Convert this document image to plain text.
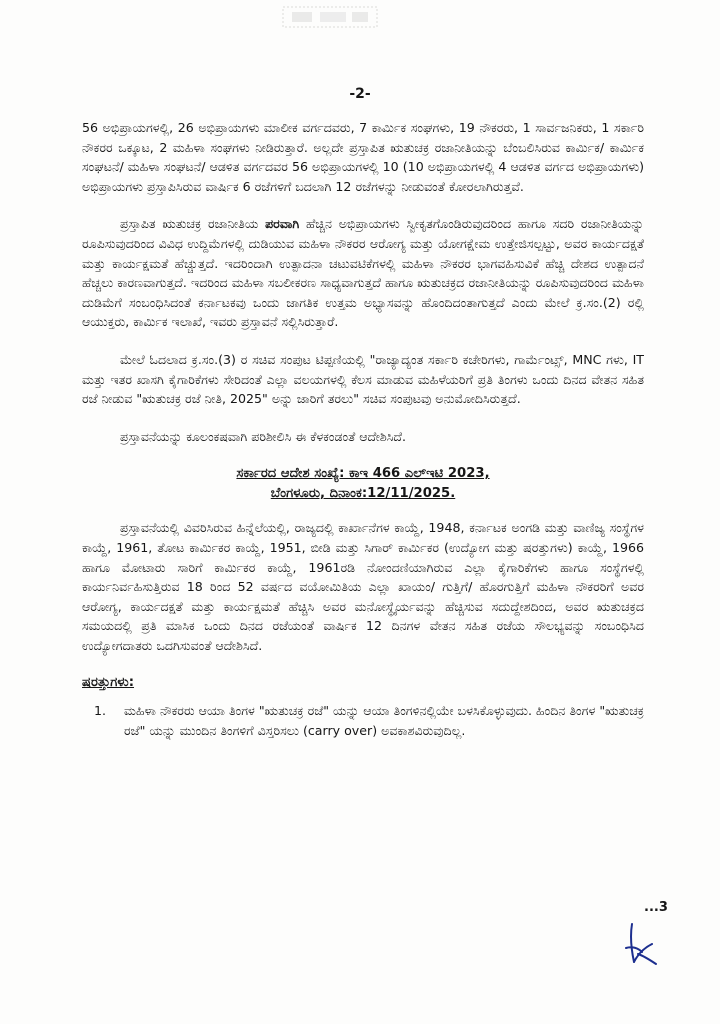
-2-

56 ಅಭಿಪ್ರಾಯಗಳಲ್ಲಿ, 26 ಅಭಿಪ್ರಾಯಗಳು ಮಾಲೀಕ ವರ್ಗದವರು, 7 ಕಾರ್ಮಿಕ ಸಂಘಗಳು, 19 ನೌಕರರು, 1 ಸಾರ್ವಜನಿಕರು, 1 ಸರ್ಕಾರಿ ನೌಕರರ ಒಕ್ಕೂಟ, 2 ಮಹಿಳಾ ಸಂಘಗಳು ನೀಡಿರುತ್ತಾರೆ. ಅಲ್ಲದೇ ಪ್ರಸ್ತಾಪಿತ ಋತುಚಕ್ರ ರಜಾನೀತಿಯನ್ನು ಬೆಂಬಲಿಸಿರುವ ಕಾರ್ಮಿಕ/ ಕಾರ್ಮಿಕ ಸಂಘಟನೆ/ ಮಹಿಳಾ ಸಂಘಟನೆ/ ಆಡಳಿತ ವರ್ಗದವರ 56 ಅಭಿಪ್ರಾಯಗಳಲ್ಲಿ 10 (10 ಅಭಿಪ್ರಾಯಗಳಲ್ಲಿ 4 ಆಡಳಿತ ವರ್ಗದ ಅಭಿಪ್ರಾಯಗಳು) ಅಭಿಪ್ರಾಯಗಳು ಪ್ರಸ್ತಾಪಿಸಿರುವ ವಾರ್ಷಿಕ 6 ರಜೆಗಳಿಗೆ ಬದಲಾಗಿ 12 ರಜೆಗಳನ್ನು ನೀಡುವಂತೆ ಕೋರಲಾಗಿರುತ್ತವೆ.

ಪ್ರಸ್ತಾಪಿತ ಋತುಚಕ್ರ ರಜಾನೀತಿಯ ಪರವಾಗಿ ಹೆಚ್ಚಿನ ಅಭಿಪ್ರಾಯಗಳು ಸ್ವೀಕೃತಗೊಂಡಿರುವುದರಿಂದ ಹಾಗೂ ಸದರಿ ರಜಾನೀತಿಯನ್ನು ರೂಪಿಸುವುದರಿಂದ ವಿವಿಧ ಉದ್ದಿಮೆಗಳಲ್ಲಿ ದುಡಿಯುವ ಮಹಿಳಾ ನೌಕರರ ಆರೋಗ್ಯ ಮತ್ತು ಯೋಗಕ್ಷೇಮ ಉತ್ತೇಜಿಸಲ್ಪಟ್ಟು, ಅವರ ಕಾರ್ಯದಕ್ಷತೆ ಮತ್ತು ಕಾರ್ಯಕ್ಷಮತೆ ಹೆಚ್ಚುತ್ತದೆ. ಇದರಿಂದಾಗಿ ಉತ್ಪಾದನಾ ಚಟುವಟಿಕೆಗಳಲ್ಲಿ ಮಹಿಳಾ ನೌಕರರ ಭಾಗವಹಿಸುವಿಕೆ ಹೆಚ್ಚಿ ದೇಶದ ಉತ್ಪಾದನೆ ಹೆಚ್ಚಲು ಕಾರಣವಾಗುತ್ತದೆ. ಇದರಿಂದ ಮಹಿಳಾ ಸಬಲೀಕರಣ ಸಾಧ್ಯವಾಗುತ್ತದೆ ಹಾಗೂ ಋತುಚಕ್ರದ ರಜಾನೀತಿಯನ್ನು ರೂಪಿಸುವುದರಿಂದ ಮಹಿಳಾ ದುಡಿಮೆಗೆ ಸಂಬಂಧಿಸಿದಂತೆ ಕರ್ನಾಟಕವು ಒಂದು ಜಾಗತಿಕ ಉತ್ತಮ ಅಭ್ಯಾಸವನ್ನು ಹೊಂದಿದಂತಾಗುತ್ತದೆ ಎಂದು ಮೇಲೆ ಕ್ರ.ಸಂ.(2) ರಲ್ಲಿ ಆಯುಕ್ತರು, ಕಾರ್ಮಿಕ ಇಲಾಖೆ, ಇವರು ಪ್ರಸ್ತಾವನೆ ಸಲ್ಲಿಸಿರುತ್ತಾರೆ.

ಮೇಲೆ ಓದಲಾದ ಕ್ರ.ಸಂ.(3) ರ ಸಚಿವ ಸಂಪುಟ ಟಿಪ್ಪಣಿಯಲ್ಲಿ "ರಾಜ್ಯಾದ್ಯಂತ ಸರ್ಕಾರಿ ಕಚೇರಿಗಳು, ಗಾರ್ಮೆಂಟ್ಸ್, MNC ಗಳು, IT ಮತ್ತು ಇತರ ಖಾಸಗಿ ಕೈಗಾರಿಕೆಗಳು ಸೇರಿದಂತೆ ಎಲ್ಲಾ ವಲಯಗಳಲ್ಲಿ ಕೆಲಸ ಮಾಡುವ ಮಹಿಳೆಯರಿಗೆ ಪ್ರತಿ ತಿಂಗಳು ಒಂದು ದಿನದ ವೇತನ ಸಹಿತ ರಜೆ ನೀಡುವ "ಋತುಚಕ್ರ ರಜೆ ನೀತಿ, 2025" ಅನ್ನು ಜಾರಿಗೆ ತರಲು" ಸಚಿವ ಸಂಪುಟವು ಅನುಮೋದಿಸಿರುತ್ತದೆ.

ಪ್ರಸ್ತಾವನೆಯನ್ನು ಕೂಲಂಕಷವಾಗಿ ಪರಿಶೀಲಿಸಿ ಈ ಕೆಳಕಂಡಂತೆ ಆದೇಶಿಸಿದೆ.

ಸರ್ಕಾರದ ಆದೇಶ ಸಂಖ್ಯೆ: ಕಾಇ 466 ಎಲ್‌ಇಟಿ 2023,
ಬೆಂಗಳೂರು, ದಿನಾಂಕ:12/11/2025.

ಪ್ರಸ್ತಾವನೆಯಲ್ಲಿ ವಿವರಿಸಿರುವ ಹಿನ್ನೆಲೆಯಲ್ಲಿ, ರಾಜ್ಯದಲ್ಲಿ ಕಾರ್ಖಾನೆಗಳ ಕಾಯ್ದೆ, 1948, ಕರ್ನಾಟಕ ಅಂಗಡಿ ಮತ್ತು ವಾಣಿಜ್ಯ ಸಂಸ್ಥೆಗಳ ಕಾಯ್ದೆ, 1961, ತೋಟ ಕಾರ್ಮಿಕರ ಕಾಯ್ದೆ, 1951, ಬೀಡಿ ಮತ್ತು ಸಿಗಾರ್ ಕಾರ್ಮಿಕರ (ಉದ್ಯೋಗ ಮತ್ತು ಷರತ್ತುಗಳು) ಕಾಯ್ದೆ, 1966 ಹಾಗೂ ಮೋಟಾರು ಸಾರಿಗೆ ಕಾರ್ಮಿಕರ ಕಾಯ್ದೆ, 1961ರಡಿ ನೋಂದಣಿಯಾಗಿರುವ ಎಲ್ಲಾ ಕೈಗಾರಿಕೆಗಳು ಹಾಗೂ ಸಂಸ್ಥೆಗಳಲ್ಲಿ ಕಾರ್ಯನಿರ್ವಹಿಸುತ್ತಿರುವ 18 ರಿಂದ 52 ವರ್ಷದ ವಯೋಮಿತಿಯ ಎಲ್ಲಾ ಖಾಯಂ/ ಗುತ್ತಿಗೆ/ ಹೊರಗುತ್ತಿಗೆ ಮಹಿಳಾ ನೌಕರರಿಗೆ ಅವರ ಆರೋಗ್ಯ, ಕಾರ್ಯದಕ್ಷತೆ ಮತ್ತು ಕಾರ್ಯಕ್ಷಮತೆ ಹೆಚ್ಚಿಸಿ ಅವರ ಮನೋಸ್ಥೈರ್ಯವನ್ನು ಹೆಚ್ಚಿಸುವ ಸದುದ್ದೇಶದಿಂದ, ಅವರ ಋತುಚಕ್ರದ ಸಮಯದಲ್ಲಿ ಪ್ರತಿ ಮಾಸಿಕ ಒಂದು ದಿನದ ರಜೆಯಂತೆ ವಾರ್ಷಿಕ 12 ದಿನಗಳ ವೇತನ ಸಹಿತ ರಜೆಯ ಸೌಲಭ್ಯವನ್ನು ಸಂಬಂಧಿಸಿದ ಉದ್ಯೋಗದಾತರು ಒದಗಿಸುವಂತೆ ಆದೇಶಿಸಿದೆ.

ಷರತ್ತುಗಳು:
1.	ಮಹಿಳಾ ನೌಕರರು ಆಯಾ ತಿಂಗಳ "ಋತುಚಕ್ರ ರಜೆ" ಯನ್ನು ಆಯಾ ತಿಂಗಳಿನಲ್ಲಿಯೇ ಬಳಸಿಕೊಳ್ಳುವುದು. ಹಿಂದಿನ ತಿಂಗಳ "ಋತುಚಕ್ರ ರಜೆ" ಯನ್ನು ಮುಂದಿನ ತಿಂಗಳಿಗೆ ವಿಸ್ತರಿಸಲು (carry over) ಅವಕಾಶವಿರುವುದಿಲ್ಲ.
...3
